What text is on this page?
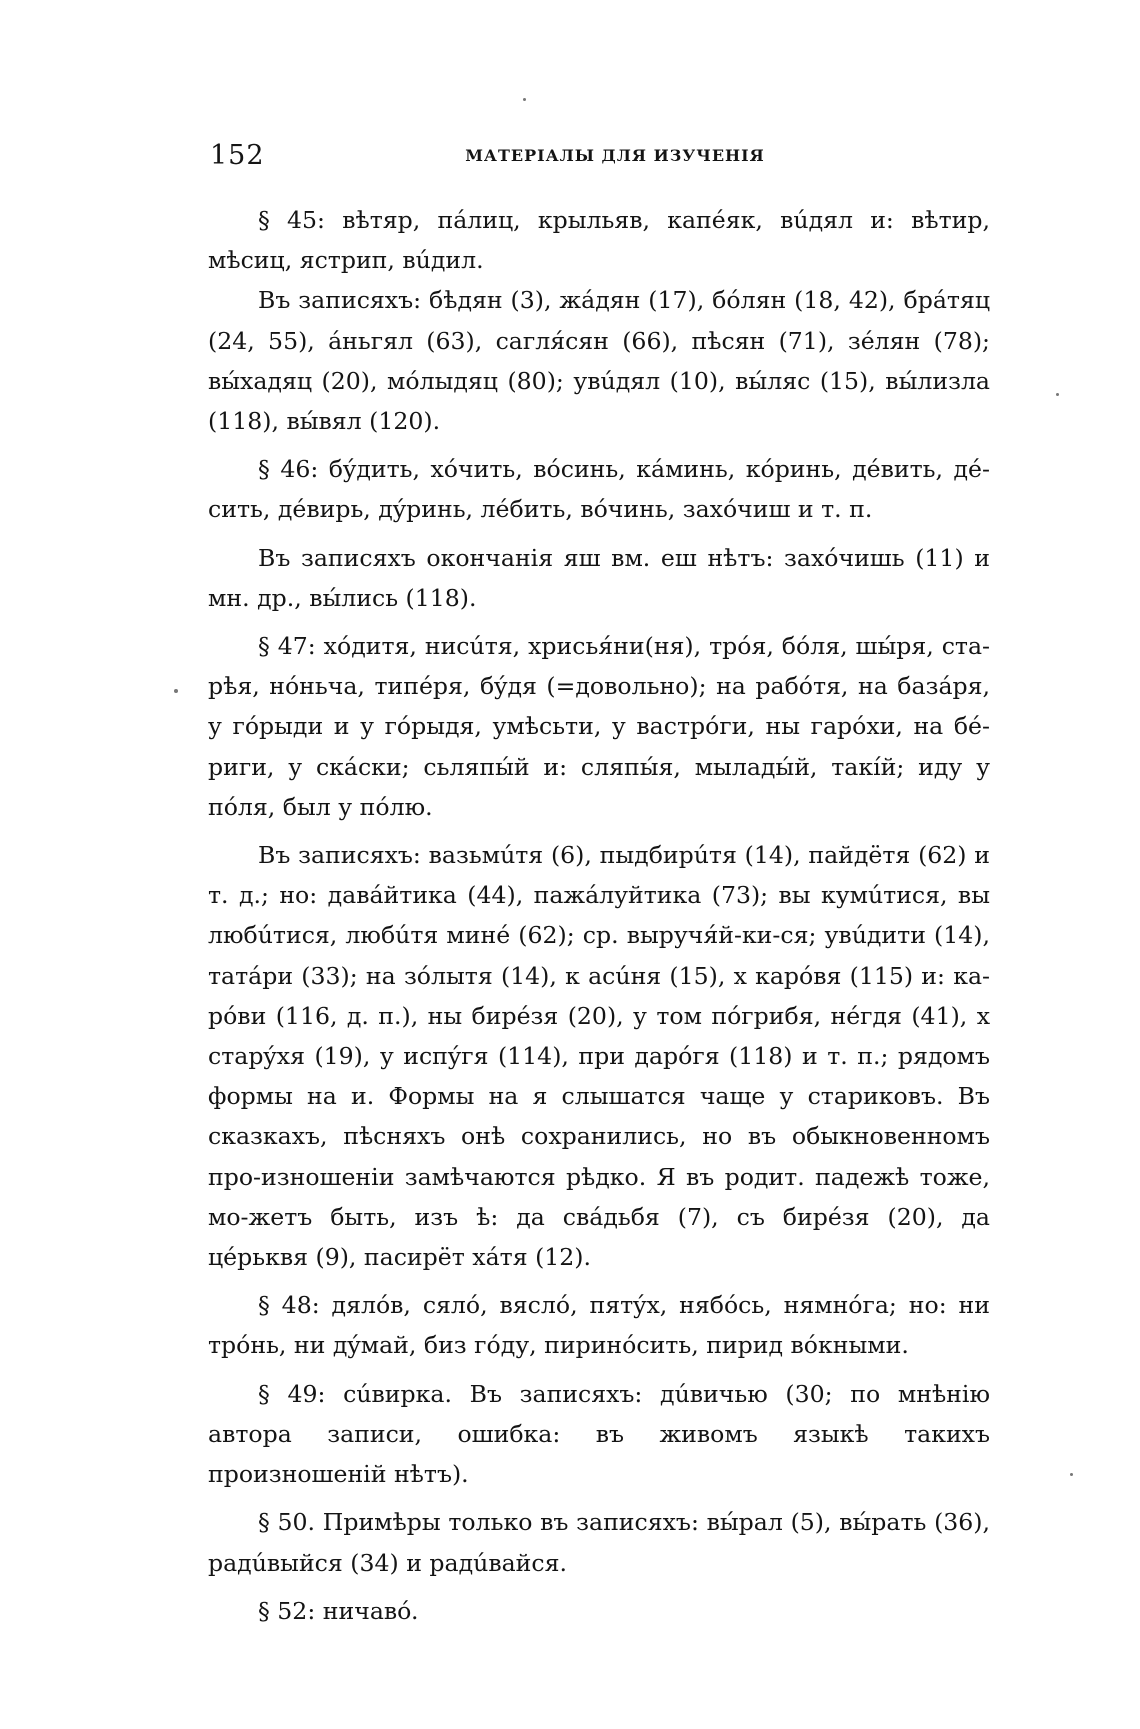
152	МАТЕРІАЛЫ ДЛЯ ИЗУЧЕНІЯ

§ 45: вѣтяр, пáлиц, крыльяв, капéяк, вúдял и: вѣтир, мѣсиц, ястрип, вúдил.

Въ записяхъ: бѣдян (3), жáдян (17), бóлян (18, 42), брáтяц (24, 55), áньгял (63), сагля́сян (66), пѣсян (71), зéлян (78); вы́хадяц (20), мóлыдяц (80); увúдял (10), вы́ляс (15), вы́лизла (118), вы́вял (120).

§ 46: бýдить, хóчить, вóсинь, кáминь, кóринь, дéвить, дé-сить, дéвирь, дýринь, лéбить, вóчинь, захóчиш и т. п.

Въ записяхъ окончанія яш вм. еш нѣтъ: захóчишь (11) и мн. др., вы́лись (118).

§ 47: хóдитя, нисúтя, хрисья́ни(ня), трóя, бóля, шы́ря, ста-рѣя, нóньча, типéря, бýдя (=довольно); на рабóтя, на базáря, у гóрыди и у гóрыдя, умѣсьти, у вастрóги, ны гарóхи, на бé-риги, у скáски; сьляпы́й и: сляпы́я, мылады́й, такі́й; иду у пóля, был у пóлю.

Въ записяхъ: вазьмúтя (6), пыдбирúтя (14), пайдётя (62) и т. д.; но: давáйтика (44), пажáлуйтика (73); вы кумúтися, вы любúтися, любúтя минé (62); ср. выручя́й-ки-ся; увúдити (14), татáри (33); на зóлытя (14), к асúня (15), х карóвя (115) и: ка-рóви (116, д. п.), ны бирéзя (20), у том пóгрибя, нéгдя (41), х старýхя (19), у испýгя (114), при дарóгя (118) и т. п.; рядомъ формы на и. Формы на я слышатся чаще у стариковъ. Въ сказкахъ, пѣсняхъ онѣ сохранились, но въ обыкновенномъ про-изношеніи замѣчаются рѣдко. Я въ родит. падежѣ тоже, мо-жетъ быть, изъ ѣ: да свáдьбя (7), съ бирéзя (20), да цéрьквя (9), пасирёт хáтя (12).

§ 48: дялóв, сялó, вяслó, пятýх, нябóсь, нямнóга; но: ни трóнь, ни дýмай, биз гóду, пиринóсить, пирид вóкными.

§ 49: сúвирка. Въ записяхъ: дúвичью (30; по мнѣнію автора записи, ошибка: въ живомъ языкѣ такихъ произношеній нѣтъ).

§ 50. Примѣры только въ записяхъ: вы́рал (5), вы́рать (36), радúвыйся (34) и радúвайся.

§ 52: ничавó.
